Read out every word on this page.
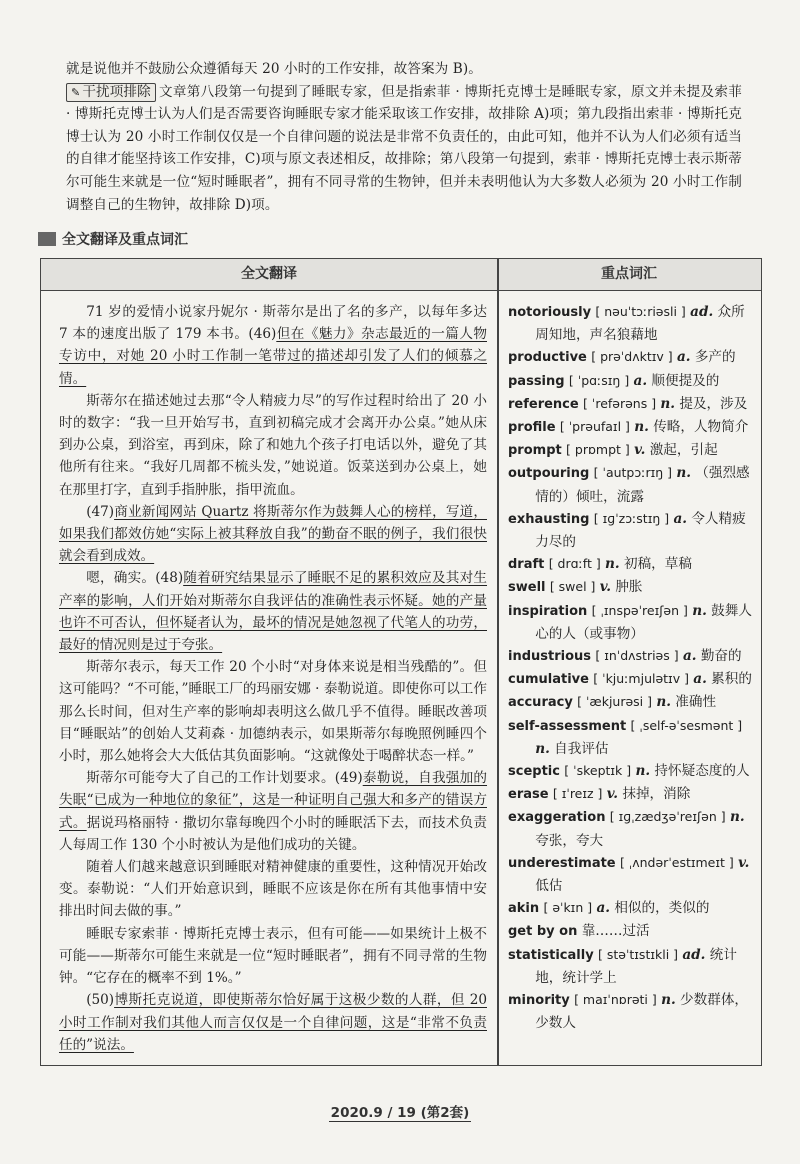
就是说他并不鼓励公众遵循每天 20 小时的工作安排，故答案为 B)。

✎ 干扰项排除 文章第八段第一句提到了睡眠专家，但是指索菲 · 博斯托克博士是睡眠专家，原文并未提及索菲 · 博斯托克博士认为人们是否需要咨询睡眠专家才能采取该工作安排，故排除 A)项；第九段指出索菲 · 博斯托克博士认为 20 小时工作制仅仅是一个自律问题的说法是非常不负责任的，由此可知，他并不认为人们必须有适当的自律才能坚持该工作安排，C)项与原文表述相反，故排除；第八段第一句提到，索菲 · 博斯托克博士表示斯蒂尔可能生来就是一位“短时睡眠者”，拥有不同寻常的生物钟，但并未表明他认为大多数人必须为 20 小时工作制调整自己的生物钟，故排除 D)项。

全文翻译及重点词汇
全文翻译	重点词汇

71 岁的爱情小说家丹妮尔 · 斯蒂尔是出了名的多产，以每年多达 7 本的速度出版了 179 本书。(46)但在《魅力》杂志最近的一篇人物专访中，对她 20 小时工作制一笔带过的描述却引发了人们的倾慕之情。

斯蒂尔在描述她过去那“令人精疲力尽”的写作过程时给出了 20 小时的数字：“我一旦开始写书，直到初稿完成才会离开办公桌。”她从床到办公桌，到浴室，再到床，除了和她九个孩子打电话以外，避免了其他所有往来。“我好几周都不梳头发，”她说道。饭菜送到办公桌上，她在那里打字，直到手指肿胀，指甲流血。

(47)商业新闻网站 Quartz 将斯蒂尔作为鼓舞人心的榜样，写道，如果我们都效仿她“实际上被其释放自我”的勤奋不眠的例子，我们很快就会看到成效。

嗯，确实。(48)随着研究结果显示了睡眠不足的累积效应及其对生产率的影响，人们开始对斯蒂尔自我评估的准确性表示怀疑。她的产量也许不可否认，但怀疑者认为，最坏的情况是她忽视了代笔人的功劳，最好的情况则是过于夸张。

斯蒂尔表示，每天工作 20 个小时“对身体来说是相当残酷的”。但这可能吗？“不可能，”睡眠工厂的玛丽安娜 · 泰勒说道。即使你可以工作那么长时间，但对生产率的影响却表明这么做几乎不值得。睡眠改善项目“睡眠站”的创始人艾莉森 · 加德纳表示，如果斯蒂尔每晚照例睡四个小时，那么她将会大大低估其负面影响。“这就像处于喝醉状态一样。”

斯蒂尔可能夸大了自己的工作计划要求。(49)泰勒说，自我强加的失眠“已成为一种地位的象征”，这是一种证明自己强大和多产的错误方式。据说玛格丽特 · 撒切尔靠每晚四个小时的睡眠活下去，而技术负责人每周工作 130 个小时被认为是他们成功的关键。

随着人们越来越意识到睡眠对精神健康的重要性，这种情况开始改变。泰勒说：“人们开始意识到，睡眠不应该是你在所有其他事情中安排出时间去做的事。”

睡眠专家索菲 · 博斯托克博士表示，但有可能——如果统计上极不可能——斯蒂尔可能生来就是一位“短时睡眠者”，拥有不同寻常的生物钟。“它存在的概率不到 1%。”

(50)博斯托克说道，即使斯蒂尔恰好属于这极少数的人群，但 20 小时工作制对我们其他人而言仅仅是一个自律问题，这是“非常不负责任的”说法。

notoriously [ nəuˈtɔːriəsli ] ad. 众所周知地，声名狼藉地

productive [ prəˈdʌktɪv ] a. 多产的

passing [ ˈpɑːsɪŋ ] a. 顺便提及的

reference [ ˈrefərəns ] n. 提及，涉及

profile [ ˈprəufaɪl ] n. 传略，人物简介

prompt [ prɒmpt ] v. 激起，引起

outpouring [ ˈautpɔːrɪŋ ] n. （强烈感情的）倾吐，流露

exhausting [ ɪɡˈzɔːstɪŋ ] a. 令人精疲力尽的

draft [ drɑːft ] n. 初稿，草稿

swell [ swel ] v. 肿胀

inspiration [ ˌɪnspəˈreɪʃən ] n. 鼓舞人心的人（或事物）

industrious [ ɪnˈdʌstriəs ] a. 勤奋的

cumulative [ ˈkjuːmjulətɪv ] a. 累积的

accuracy [ ˈækjurəsi ] n. 准确性

self-assessment [ ˌself-əˈsesmənt ] n. 自我评估

sceptic [ ˈskeptɪk ] n. 持怀疑态度的人

erase [ ɪˈreɪz ] v. 抹掉，消除

exaggeration [ ɪɡˌzædʒəˈreɪʃən ] n. 夸张，夸大

underestimate [ ˌʌndərˈestɪmeɪt ] v. 低估

akin [ əˈkɪn ] a. 相似的，类似的

get by on 靠……过活

statistically [ stəˈtɪstɪkli ] ad. 统计地，统计学上

minority [ maɪˈnɒrəti ] n. 少数群体，少数人

2020.9 / 19 (第2套)
